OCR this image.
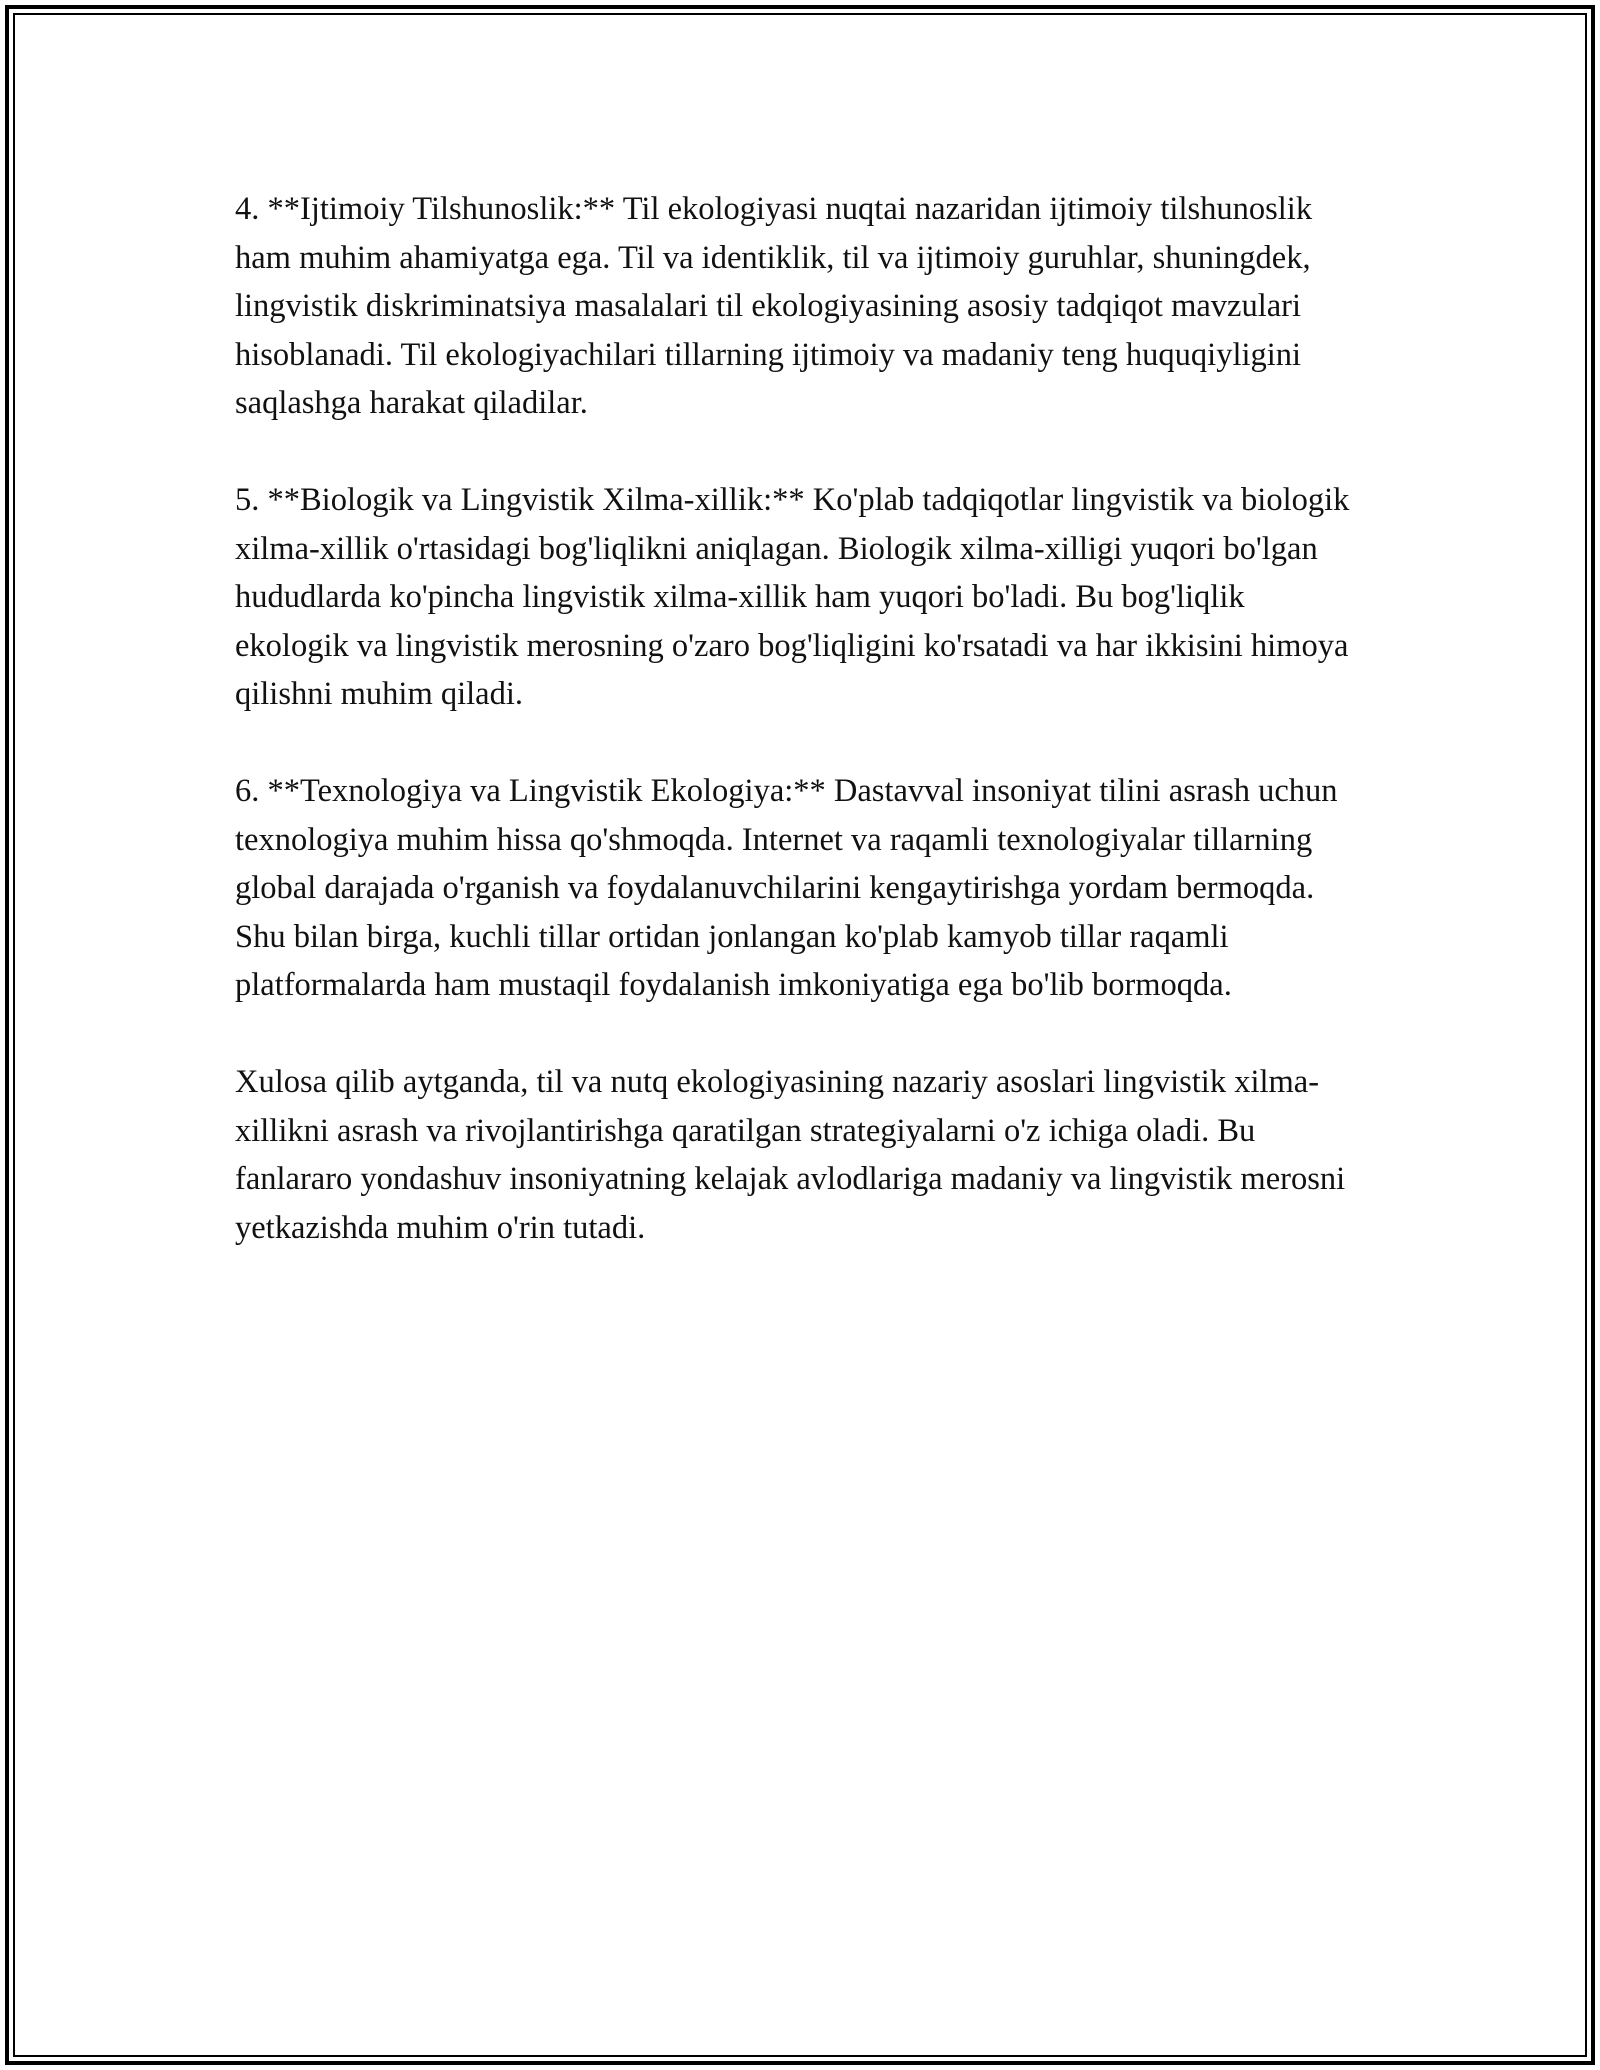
4. **Ijtimoiy Tilshunoslik:** Til ekologiyasi nuqtai nazaridan ijtimoiy tilshunoslik ham muhim ahamiyatga ega. Til va identiklik, til va ijtimoiy guruhlar, shuningdek, lingvistik diskriminatsiya masalalari til ekologiyasining asosiy tadqiqot mavzulari hisoblanadi. Til ekologiyachilari tillarning ijtimoiy va madaniy teng huquqiyligini saqlashga harakat qiladilar.

5. **Biologik va Lingvistik Xilma-xillik:** Ko'plab tadqiqotlar lingvistik va biologik xilma-xillik o'rtasidagi bog'liqlikni aniqlagan. Biologik xilma-xilligi yuqori bo'lgan hududlarda ko'pincha lingvistik xilma-xillik ham yuqori bo'ladi. Bu bog'liqlik ekologik va lingvistik merosning o'zaro bog'liqligini ko'rsatadi va har ikkisini himoya qilishni muhim qiladi.

6. **Texnologiya va Lingvistik Ekologiya:** Dastavval insoniyat tilini asrash uchun texnologiya muhim hissa qo'shmoqda. Internet va raqamli texnologiyalar tillarning global darajada o'rganish va foydalanuvchilarini kengaytirishga yordam bermoqda. Shu bilan birga, kuchli tillar ortidan jonlangan ko'plab kamyob tillar raqamli platformalarda ham mustaqil foydalanish imkoniyatiga ega bo'lib bormoqda.

Xulosa qilib aytganda, til va nutq ekologiyasining nazariy asoslari lingvistik xilma-xillikni asrash va rivojlantirishga qaratilgan strategiyalarni o'z ichiga oladi. Bu fanlararo yondashuv insoniyatning kelajak avlodlariga madaniy va lingvistik merosni yetkazishda muhim o'rin tutadi.
